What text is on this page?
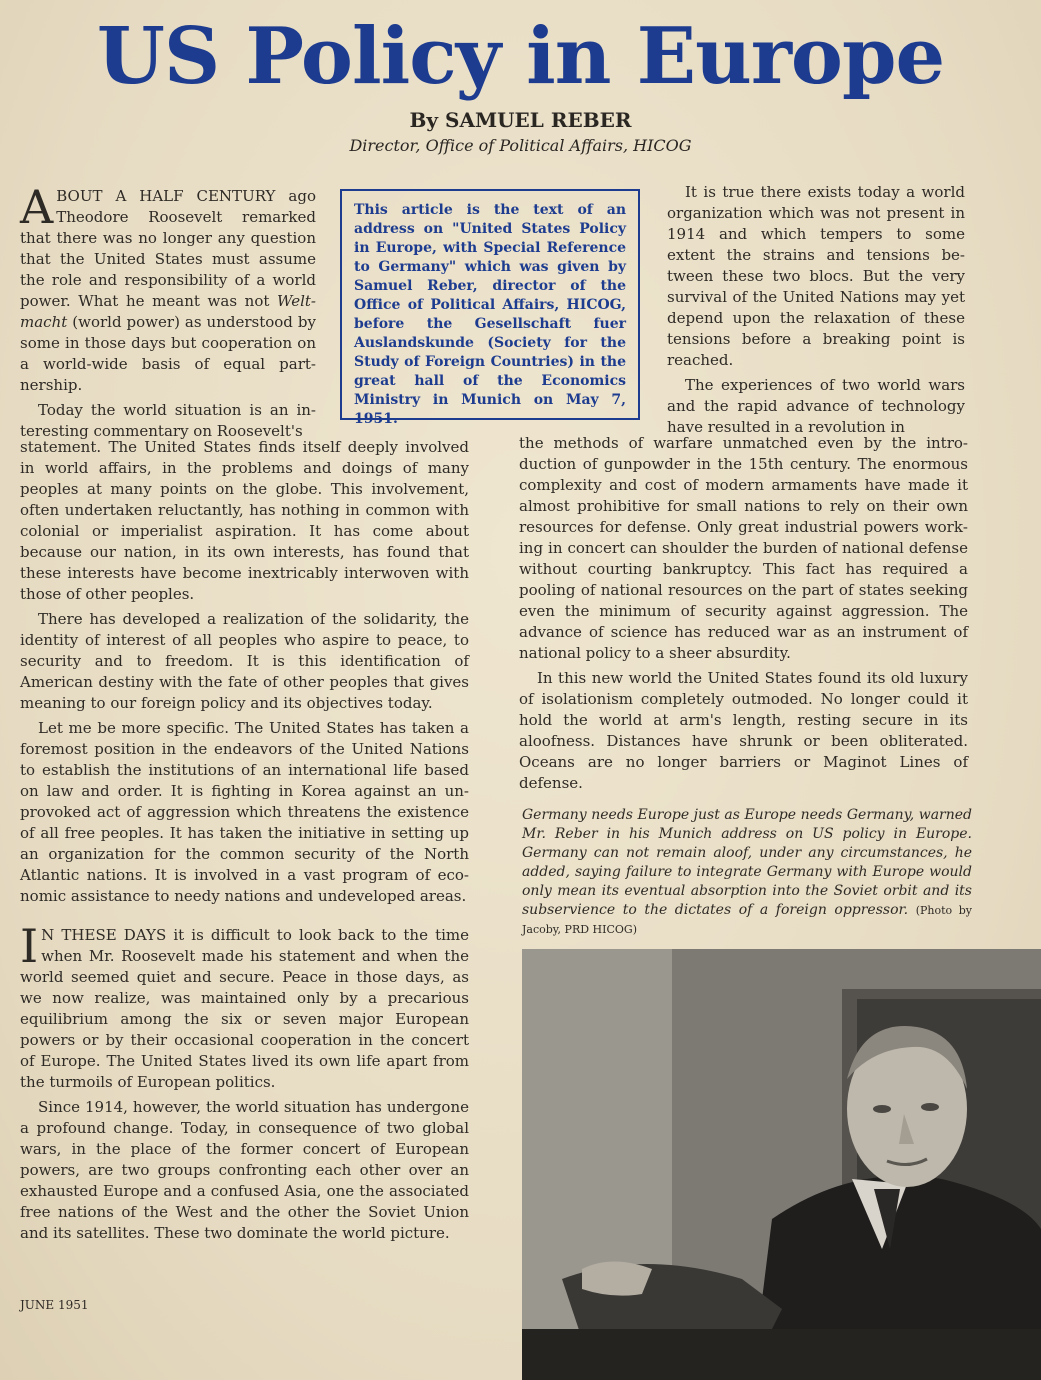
US Policy in Europe
By SAMUEL REBER
Director, Office of Political Affairs, HICOG

ABOUT A HALF CENTURY ago Theodore Roosevelt remarked that there was no longer any question that the United States must assume the role and responsibility of a world power. What he meant was not Weltmacht (world power) as understood by some in those days but cooperation on a world-wide basis of equal partnership.

Today the world situation is an interesting commentary on Roosevelt's

This article is the text of an address on "United States Policy in Europe, with Special Reference to Germany" which was given by Samuel Reber, director of the Office of Political Affairs, HICOG, before the Gesellschaft fuer Auslandskunde (Society for the Study of Foreign Countries) in the great hall of the Economics Ministry in Munich on May 7, 1951.

statement. The United States finds itself deeply involved in world affairs, in the problems and doings of many peoples at many points on the globe. This involvement, often undertaken reluctantly, has nothing in common with colonial or imperialist aspiration. It has come about because our nation, in its own interests, has found that these interests have become inextricably interwoven with those of other peoples.

There has developed a realization of the solidarity, the identity of interest of all peoples who aspire to peace, to security and to freedom. It is this identification of American destiny with the fate of other peoples that gives meaning to our foreign policy and its objectives today.

Let me be more specific. The United States has taken a foremost position in the endeavors of the United Nations to establish the institutions of an international life based on law and order. It is fighting in Korea against an unprovoked act of aggression which threatens the existence of all free peoples. It has taken the initiative in setting up an organization for the common security of the North Atlantic nations. It is involved in a vast program of economic assistance to needy nations and undeveloped areas.

I N THESE DAYS it is difficult to look back to the time when Mr. Roosevelt made his statement and when the world seemed quiet and secure. Peace in those days, as we now realize, was maintained only by a precarious equilibrium among the six or seven major European powers or by their occasional cooperation in the concert of Europe. The United States lived its own life apart from the turmoils of European politics.

Since 1914, however, the world situation has undergone a profound change. Today, in consequence of two global wars, in the place of the former concert of European powers, are two groups confronting each other over an exhausted Europe and a confused Asia, one the associated free nations of the West and the other the Soviet Union and its satellites. These two dominate the world picture.

It is true there exists today a world organization which was not present in 1914 and which tempers to some extent the strains and tensions between these two blocs. But the very survival of the United Nations may yet depend upon the relaxation of these tensions before a breaking point is reached.

The experiences of two world wars and the rapid advance of technology have resulted in a revolution in

the methods of warfare unmatched even by the introduction of gunpowder in the 15th century. The enormous complexity and cost of modern armaments have made it almost prohibitive for small nations to rely on their own resources for defense. Only great industrial powers working in concert can shoulder the burden of national defense without courting bankruptcy. This fact has required a pooling of national resources on the part of states seeking even the minimum of security against aggression. The advance of science has reduced war as an instrument of national policy to a sheer absurdity.

In this new world the United States found its old luxury of isolationism completely outmoded. No longer could it hold the world at arm's length, resting secure in its aloofness. Distances have shrunk or been obliterated. Oceans are no longer barriers or Maginot Lines of defense.

Germany needs Europe just as Europe needs Germany, warned Mr. Reber in his Munich address on US policy in Europe. Germany can not remain aloof, under any circumstances, he added, saying failure to integrate Germany with Europe would only mean its eventual absorption into the Soviet orbit and its subservience to the dictates of a foreign oppressor. (Photo by Jacoby, PRD HICOG)
JUNE 1951
